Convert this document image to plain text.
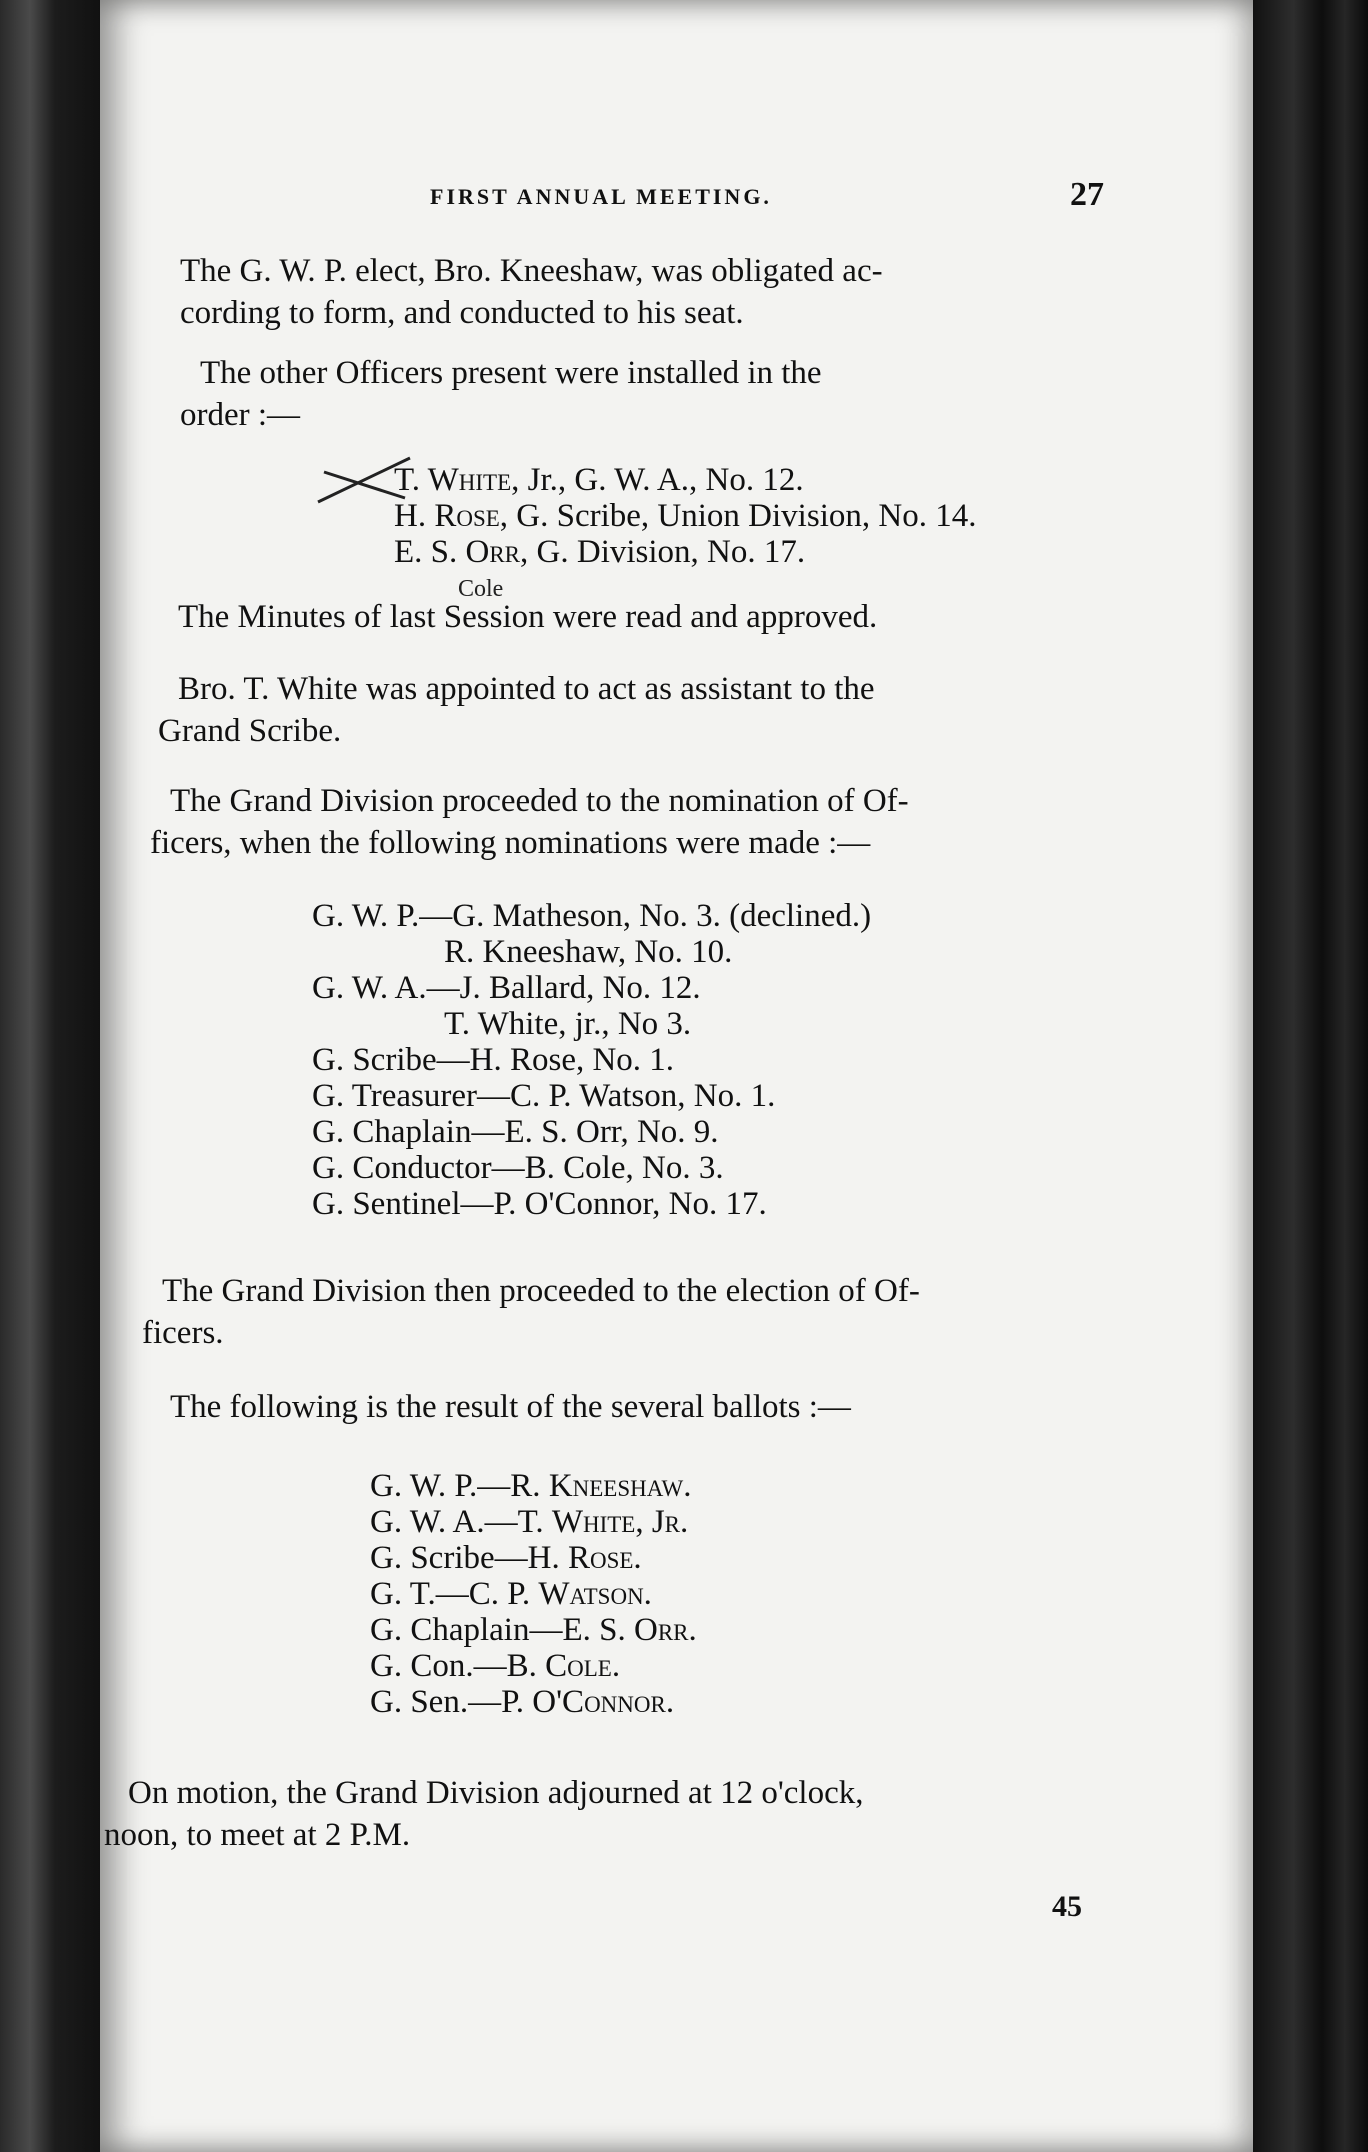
FIRST ANNUAL MEETING.	27
The G. W. P. elect, Bro. Kneeshaw, was obligated ac-
cording to form, and conducted to his seat.
The other Officers present were installed in the
order :—
T. White, Jr., G. W. A., No. 12.
H. Rose, G. Scribe, Union Division, No. 14.
E. S. Orr, G. Division, No. 17.
Cole
The Minutes of last Session were read and approved.
Bro. T. White was appointed to act as assistant to the
Grand Scribe.
The Grand Division proceeded to the nomination of Of-
ficers, when the following nominations were made :—
G. W. P.—G. Matheson, No. 3. (declined.)
R. Kneeshaw, No. 10.
G. W. A.—J. Ballard, No. 12.
T. White, jr., No 3.
G. Scribe—H. Rose, No. 1.
G. Treasurer—C. P. Watson, No. 1.
G. Chaplain—E. S. Orr, No. 9.
G. Conductor—B. Cole, No. 3.
G. Sentinel—P. O'Connor, No. 17.
The Grand Division then proceeded to the election of Of-
ficers.
The following is the result of the several ballots :—
G. W. P.—R. Kneeshaw.
G. W. A.—T. White, Jr.
G. Scribe—H. Rose.
G. T.—C. P. Watson.
G. Chaplain—E. S. Orr.
G. Con.—B. Cole.
G. Sen.—P. O'Connor.
On motion, the Grand Division adjourned at 12 o'clock,
noon, to meet at 2 P.M.
45
